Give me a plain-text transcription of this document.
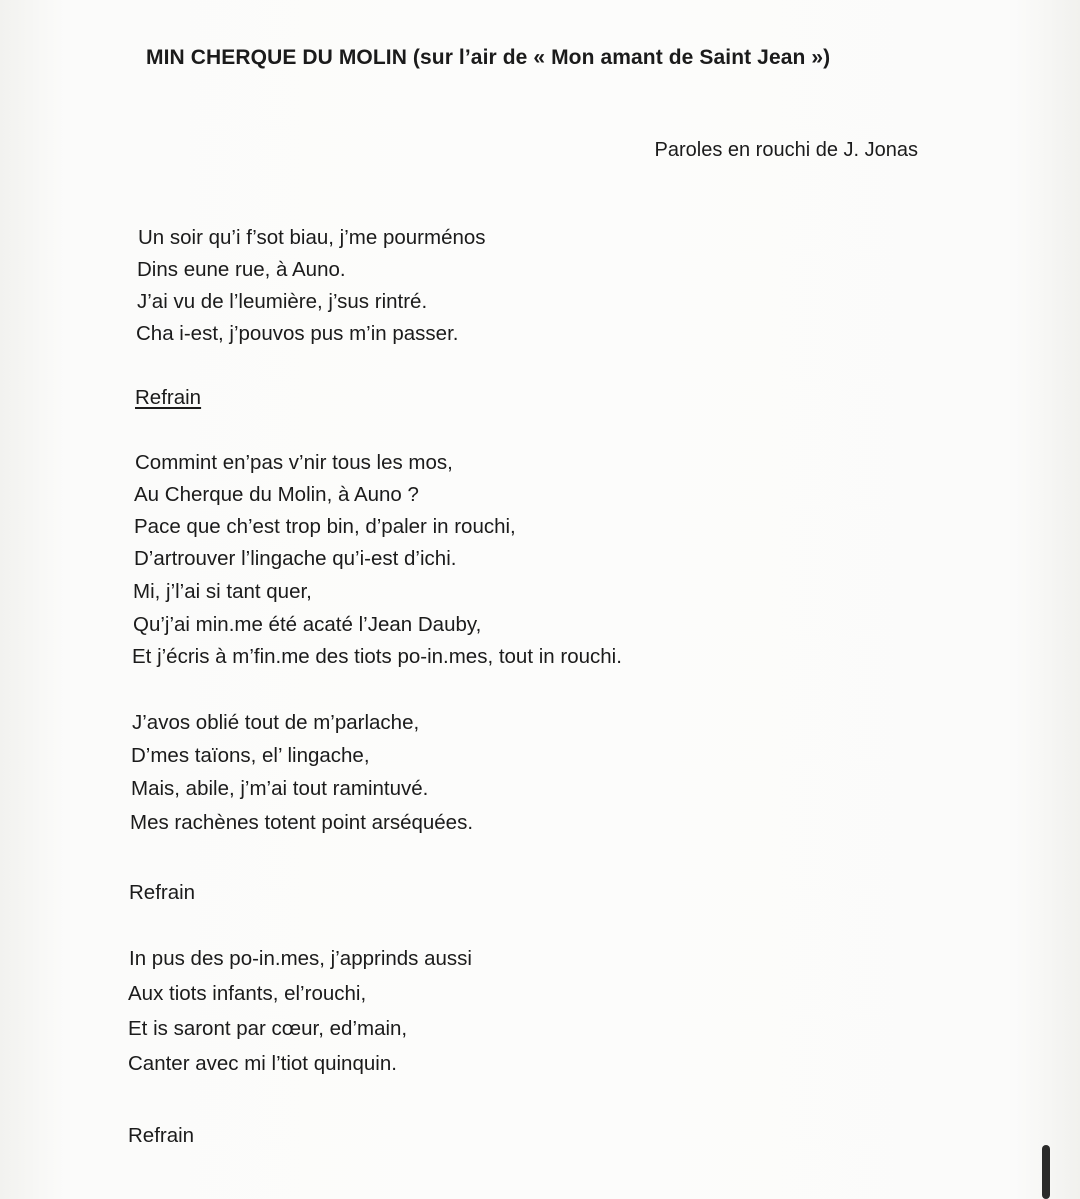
MIN CHERQUE DU MOLIN (sur l’air de « Mon amant de Saint Jean »)
Paroles en rouchi de J. Jonas
Un soir qu’i f’sot biau, j’me pourménos
Dins eune rue, à Auno.
J’ai vu de l’leumière, j’sus rintré.
Cha i-est, j’pouvos pus m’in passer.
Refrain
Commint en’pas v’nir tous les mos,
Au Cherque du Molin, à Auno ?
Pace que ch’est trop bin, d’paler in rouchi,
D’artrouver l’lingache qu’i-est d’ichi.
Mi, j’l’ai si tant quer,
Qu’j’ai min.me été acaté l’Jean Dauby,
Et j’écris à m’fin.me des tiots po-in.mes, tout in rouchi.
J’avos oblié tout de m’parlache,
D’mes taïons, el’ lingache,
Mais, abile, j’m’ai tout ramintuvé.
Mes rachènes totent point arséquées.
Refrain
In pus des po-in.mes, j’apprinds aussi
Aux tiots infants, el’rouchi,
Et is saront par cœur, ed’main,
Canter avec mi l’tiot quinquin.
Refrain
